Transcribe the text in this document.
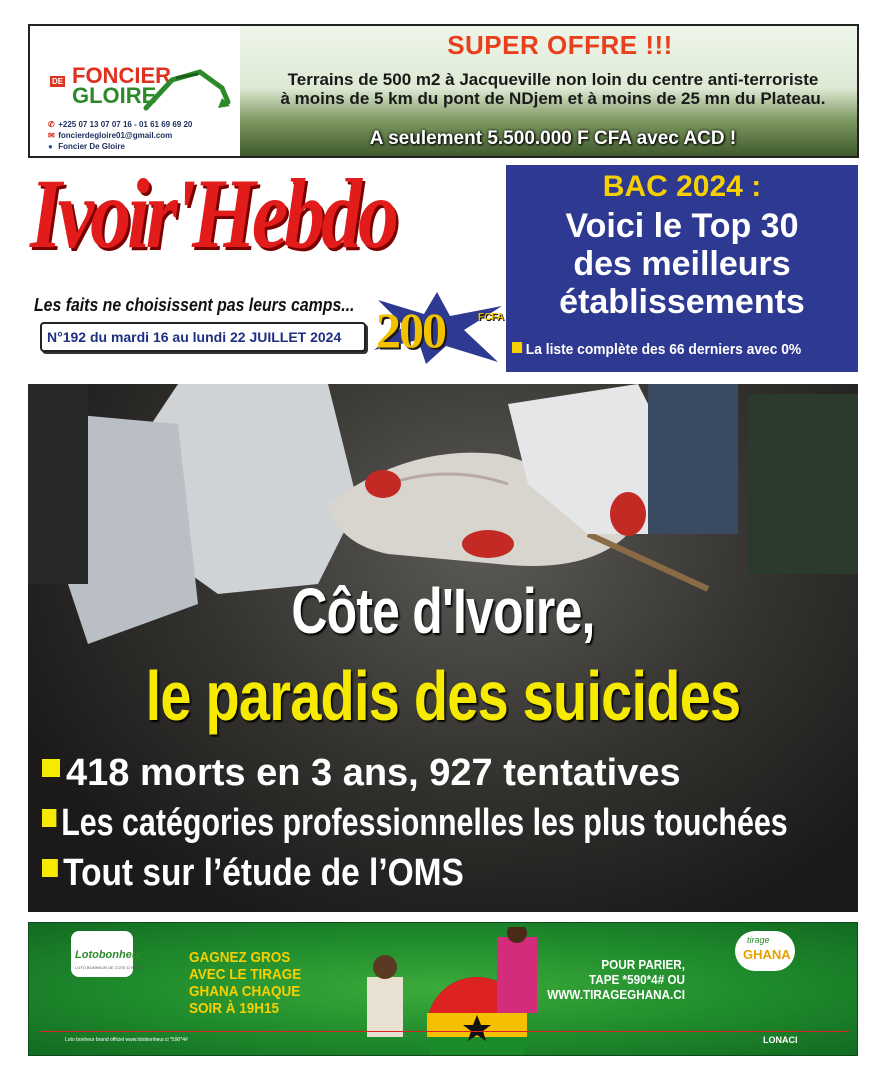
DE FONCIER
GLOIRE
✆ +225 07 13 07 07 16 - 01 61 69 69 20
✉ foncierdegloire01@gmail.com
● Foncier De Gloire
SUPER OFFRE !!!
Terrains de 500 m2 à Jacqueville non loin du centre anti-terroriste
à moins de 5 km du pont de NDjem et à moins de 25 mn du Plateau.
A seulement 5.500.000 F CFA avec ACD !
Ivoir'Hebdo
Les faits ne choisissent pas leurs camps...
N°192 du mardi 16 au lundi 22 JUILLET 2024 200	FCFA
BAC 2024 :
Voici le Top 30
des meilleurs
établissements
La liste complète des 66 derniers avec 0%
Côte d'Ivoire,
le paradis des suicides
418 morts en 3 ans, 927 tentatives
Les catégories professionnelles les plus touchées
Tout sur l’étude de l’OMS
Lotobonheur
LOTO BONHEUR DE COTE D'IVOIRE
GAGNEZ GROS
AVEC LE TIRAGE
GHANA CHAQUE
SOIR À 19H15
POUR PARIER,
TAPE *590*4# OU
WWW.TIRAGEGHANA.CI
tirage
GHANA
Loto bonheur brand officiel www.lotobonheur.ci *590*4#	LONACI
